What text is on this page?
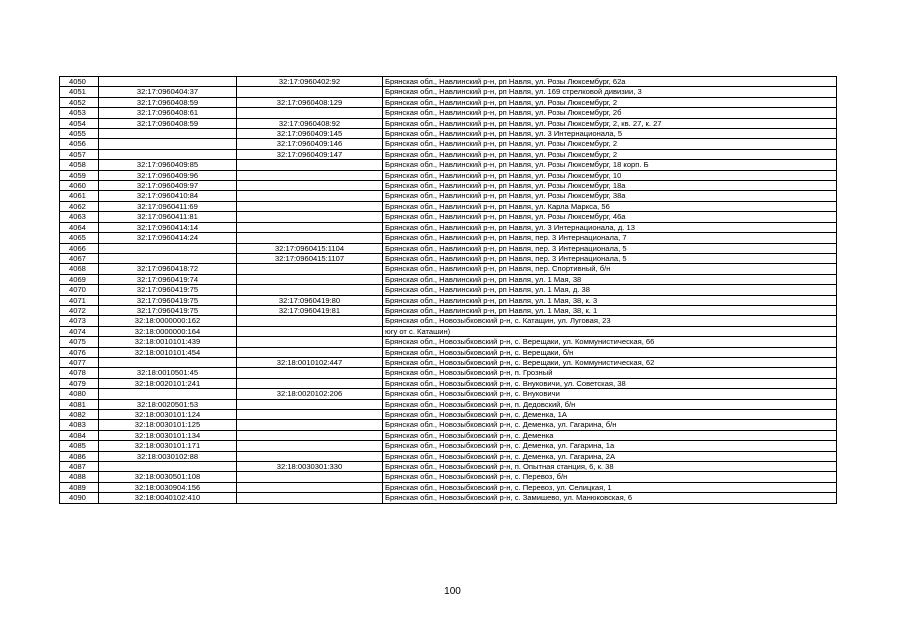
4050		32:17:0960402:92	Брянская обл., Навлинский р-н, рп Навля, ул. Розы Люксембург, 62а
4051	32:17:0960404:37		Брянская обл., Навлинский р-н, рп Навля, ул. 169 стрелковой дивизии, 3
4052	32:17:0960408:59	32:17:0960408:129	Брянская обл., Навлинский р-н, рп Навля, ул. Розы Люксембург, 2
4053	32:17:0960408:61		Брянская обл., Навлинский р-н, рп Навля, ул. Розы Люксембург, 2б
4054	32:17:0960408:59	32:17:0960408:92	Брянская обл., Навлинский р-н, рп Навля, ул. Розы Люксембург, 2, кв. 27, к. 27
4055		32:17:0960409:145	Брянская обл., Навлинский р-н, рп Навля, ул. 3 Интернационала, 5
4056		32:17:0960409:146	Брянская обл., Навлинский р-н, рп Навля, ул. Розы Люксембург, 2
4057		32:17:0960409:147	Брянская обл., Навлинский р-н, рп Навля, ул. Розы Люксембург, 2
4058	32:17:0960409:85		Брянская обл., Навлинский р-н, рп Навля, ул. Розы Люксембург, 18 корп. Б
4059	32:17:0960409:96		Брянская обл., Навлинский р-н, рп Навля, ул. Розы Люксембург, 10
4060	32:17:0960409:97		Брянская обл., Навлинский р-н, рп Навля, ул. Розы Люксембург, 18а
4061	32:17:0960410:84		Брянская обл., Навлинский р-н, рп Навля, ул. Розы Люксембург, 38а
4062	32:17:0960411:69		Брянская обл., Навлинский р-н, рп Навля, ул. Карла Маркса, 56
4063	32:17:0960411:81		Брянская обл., Навлинский р-н, рп Навля, ул. Розы Люксембург, 46а
4064	32:17:0960414:14		Брянская обл., Навлинский р-н, рп Навля, ул. 3 Интернационала, д. 13
4065	32:17:0960414:24		Брянская обл., Навлинский р-н, рп Навля, пер. 3 Интернационала, 7
4066		32:17:0960415:1104	Брянская обл., Навлинский р-н, рп Навля, пер. 3 Интернационала, 5
4067		32:17:0960415:1107	Брянская обл., Навлинский р-н, рп Навля, пер. 3 Интернационала, 5
4068	32:17:0960418:72		Брянская обл., Навлинский р-н, рп Навля, пер. Спортивный, б/н
4069	32:17:0960419:74		Брянская обл., Навлинский р-н, рп Навля, ул. 1 Мая, 38
4070	32:17:0960419:75		Брянская обл., Навлинский р-н, рп Навля, ул. 1 Мая, д. 38
4071	32:17:0960419:75	32:17:0960419:80	Брянская обл., Навлинский р-н, рп Навля, ул. 1 Мая, 38, к. 3
4072	32:17:0960419:75	32:17:0960419:81	Брянская обл., Навлинский р-н, рп Навля, ул. 1 Мая, 38, к. 1
4073	32:18:0000000:162		Брянская обл., Новозыбковский р-н, с. Катащин, ул. Луговая, 23
4074	32:18:0000000:164		югу от с. Каташин)
4075	32:18:0010101:439		Брянская обл., Новозыбковский р-н, с. Верещаки, ул. Коммунистическая, 66
4076	32:18:0010101:454		Брянская обл., Новозыбковский р-н, с. Верещаки, б/н
4077		32:18:0010102:447	Брянская обл., Новозыбковский р-н, с. Верещаки, ул. Коммунистическая, 62
4078	32:18:0010501:45		Брянская обл., Новозыбковский р-н, п. Грозный
4079	32:18:0020101:241		Брянская обл., Новозыбковский р-н, с. Внуковичи, ул. Советская, 38
4080		32:18:0020102:206	Брянская обл., Новозыбковский р-н, с. Внуковичи
4081	32:18:0020501:53		Брянская обл., Новозыбковский р-н, п. Дедовский, б/н
4082	32:18:0030101:124		Брянская обл., Новозыбковский р-н, с. Деменка, 1А
4083	32:18:0030101:125		Брянская обл., Новозыбковский р-н, с. Деменка, ул. Гагарина, б/н
4084	32:18:0030101:134		Брянская обл., Новозыбковский р-н, с. Деменка
4085	32:18:0030101:171		Брянская обл., Новозыбковский р-н, с. Деменка, ул. Гагарина, 1а
4086	32:18:0030102:88		Брянская обл., Новозыбковский р-н, с. Деменка, ул. Гагарина, 2А
4087		32:18:0030301:330	Брянская обл., Новозыбковский р-н, п. Опытная станция, 6, к. 38
4088	32:18:0030501:108		Брянская обл., Новозыбковский р-н, с. Перевоз, б/н
4089	32:18:0030904:156		Брянская обл., Новозыбковский р-н, с. Перевоз, ул. Селицкая, 1
4090	32:18:0040102:410		Брянская обл., Новозыбковский р-н, с. Замишево, ул. Манюковская, 6
100
